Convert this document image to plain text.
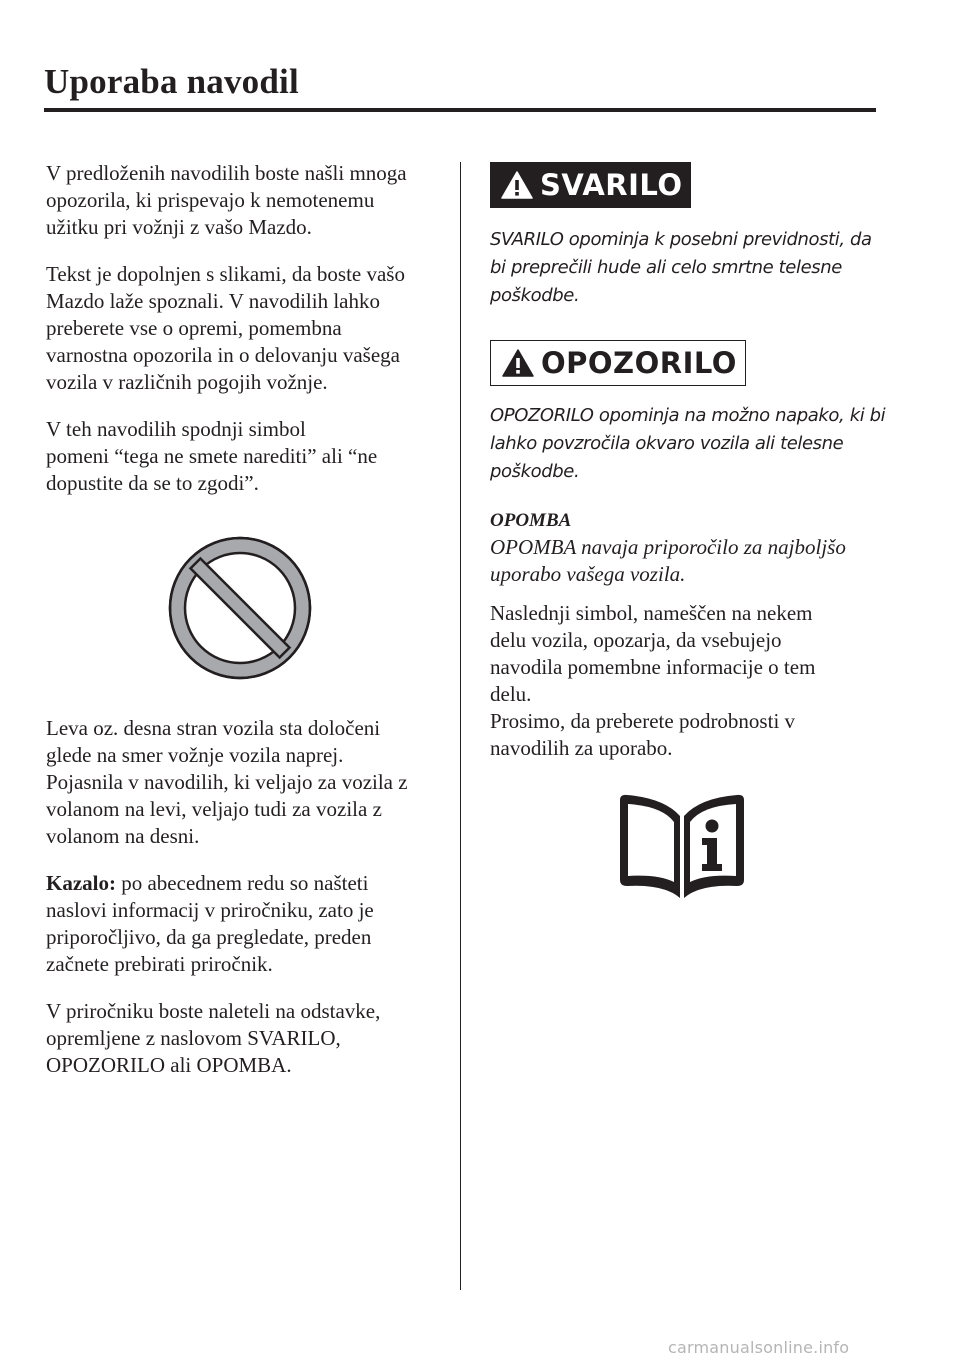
Uporaba navodil

V predloženih navodilih boste našli mnoga
opozorila, ki prispevajo k nemotenemu
užitku pri vožnji z vašo Mazdo.

Tekst je dopolnjen s slikami, da boste vašo
Mazdo laže spoznali. V navodilih lahko
preberete vse o opremi, pomembna
varnostna opozorila in o delovanju vašega
vozila v različnih pogojih vožnje.

V teh navodilih spodnji simbol
pomeni “tega ne smete narediti” ali “ne
dopustite da se to zgodi”.

Leva oz. desna stran vozila sta določeni
glede na smer vožnje vozila naprej.
Pojasnila v navodilih, ki veljajo za vozila z
volanom na levi, veljajo tudi za vozila z
volanom na desni.

Kazalo: po abecednem redu so našteti
naslovi informacij v priročniku, zato je
priporočljivo, da ga pregledate, preden
začnete prebirati priročnik.

V priročniku boste naleteli na odstavke,
opremljene z naslovom SVARILO,
OPOZORILO ali OPOMBA.

SVARILO

SVARILO opominja k posebni previdnosti, da bi preprečili hude ali celo smrtne telesne poškodbe.

OPOZORILO

OPOZORILO opominja na možno napako, ki bi lahko povzročila okvaro vozila ali telesne poškodbe.

OPOMBA

OPOMBA navaja priporočilo za najboljšo uporabo vašega vozila.

Naslednji simbol, nameščen na nekem
delu vozila, opozarja, da vsebujejo
navodila pomembne informacije o tem
delu.
Prosimo, da preberete podrobnosti v
navodilih za uporabo.

carmanualsonline.info
